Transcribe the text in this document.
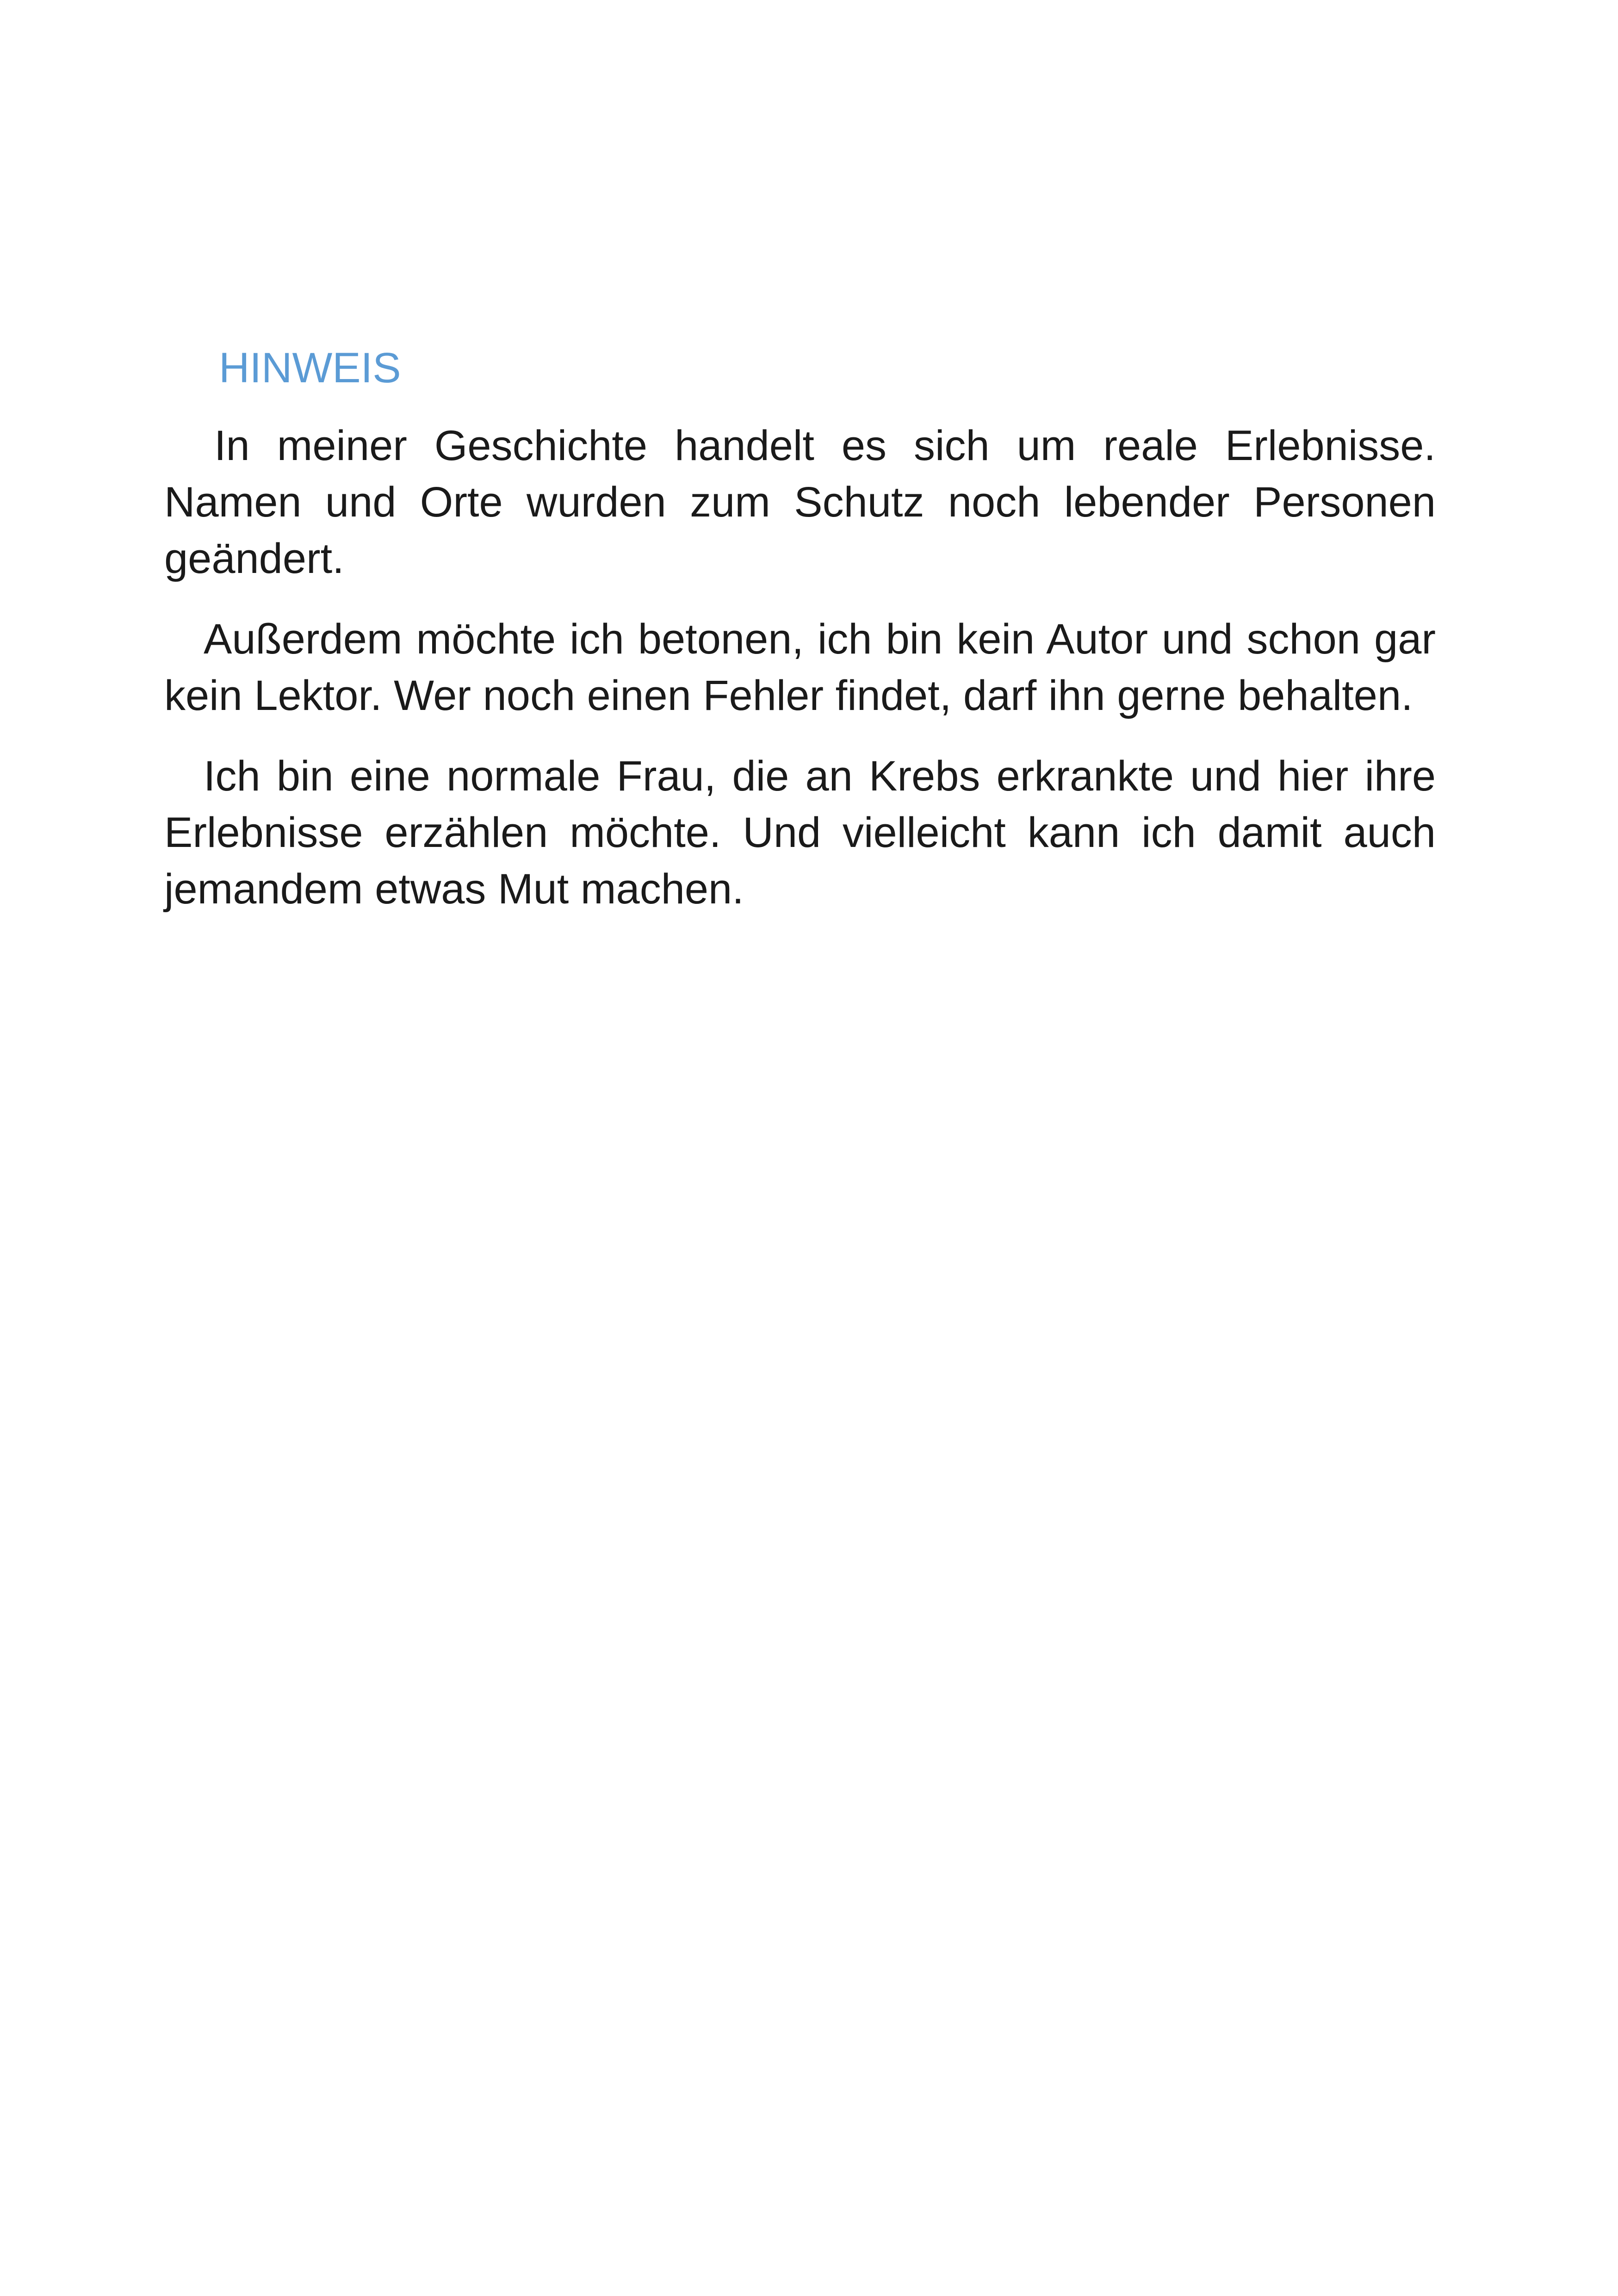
HINWEIS

In meiner Geschichte handelt es sich um reale Erlebnisse. Namen und Orte wurden zum Schutz noch lebender Personen geändert.

Außerdem möchte ich betonen, ich bin kein Autor und schon gar kein Lektor. Wer noch einen Fehler findet, darf ihn gerne behalten.

Ich bin eine normale Frau, die an Krebs erkrankte und hier ihre Erlebnisse erzählen möchte. Und vielleicht kann ich damit auch jemandem etwas Mut machen.
